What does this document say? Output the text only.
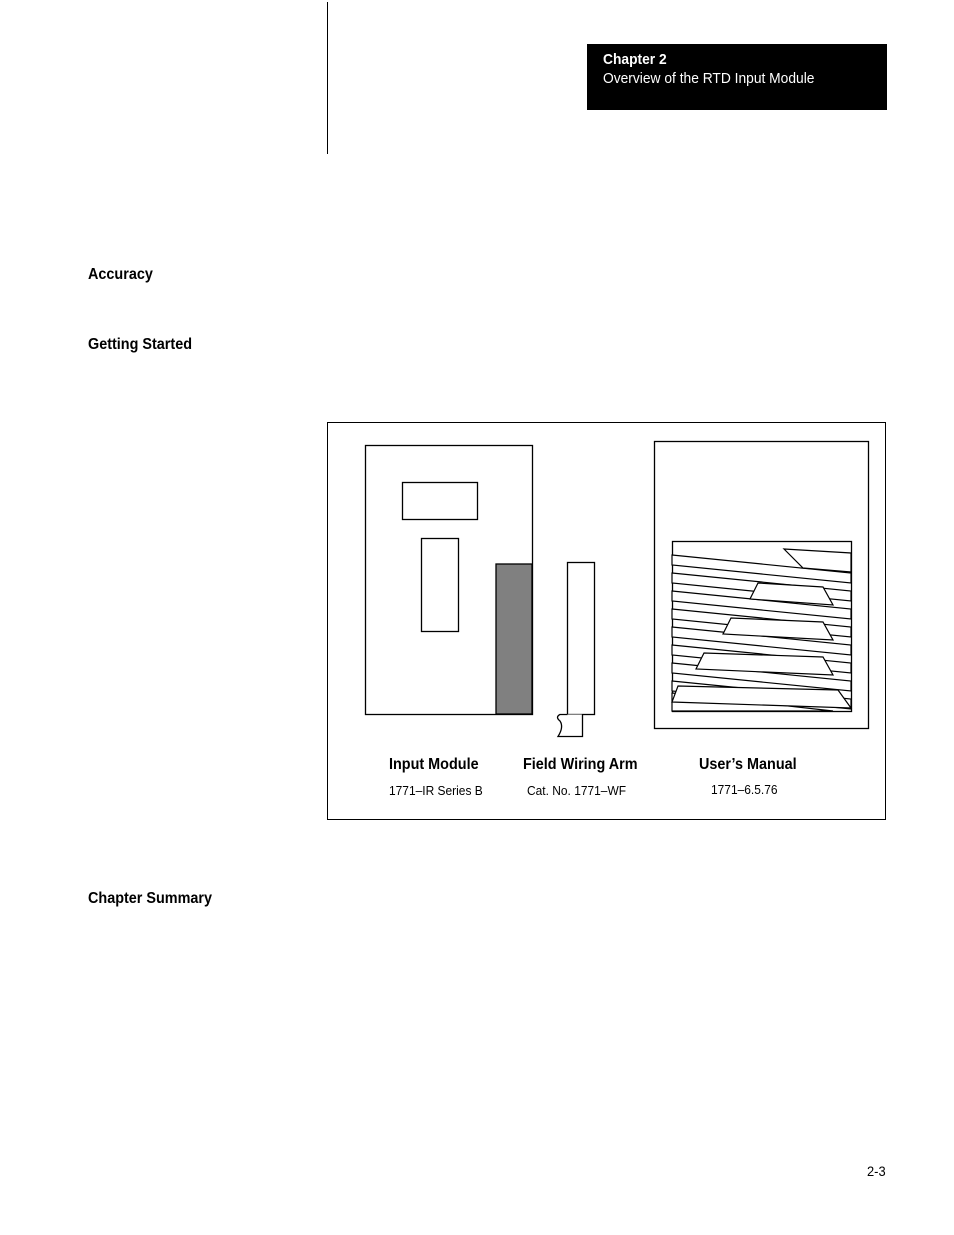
Chapter 2
Overview of the RTD Input Module
Accuracy
Getting Started
Input Module
1771–IR Series B
Field Wiring Arm
Cat. No. 1771–WF
User’s Manual
1771–6.5.76
Chapter Summary
2-3
